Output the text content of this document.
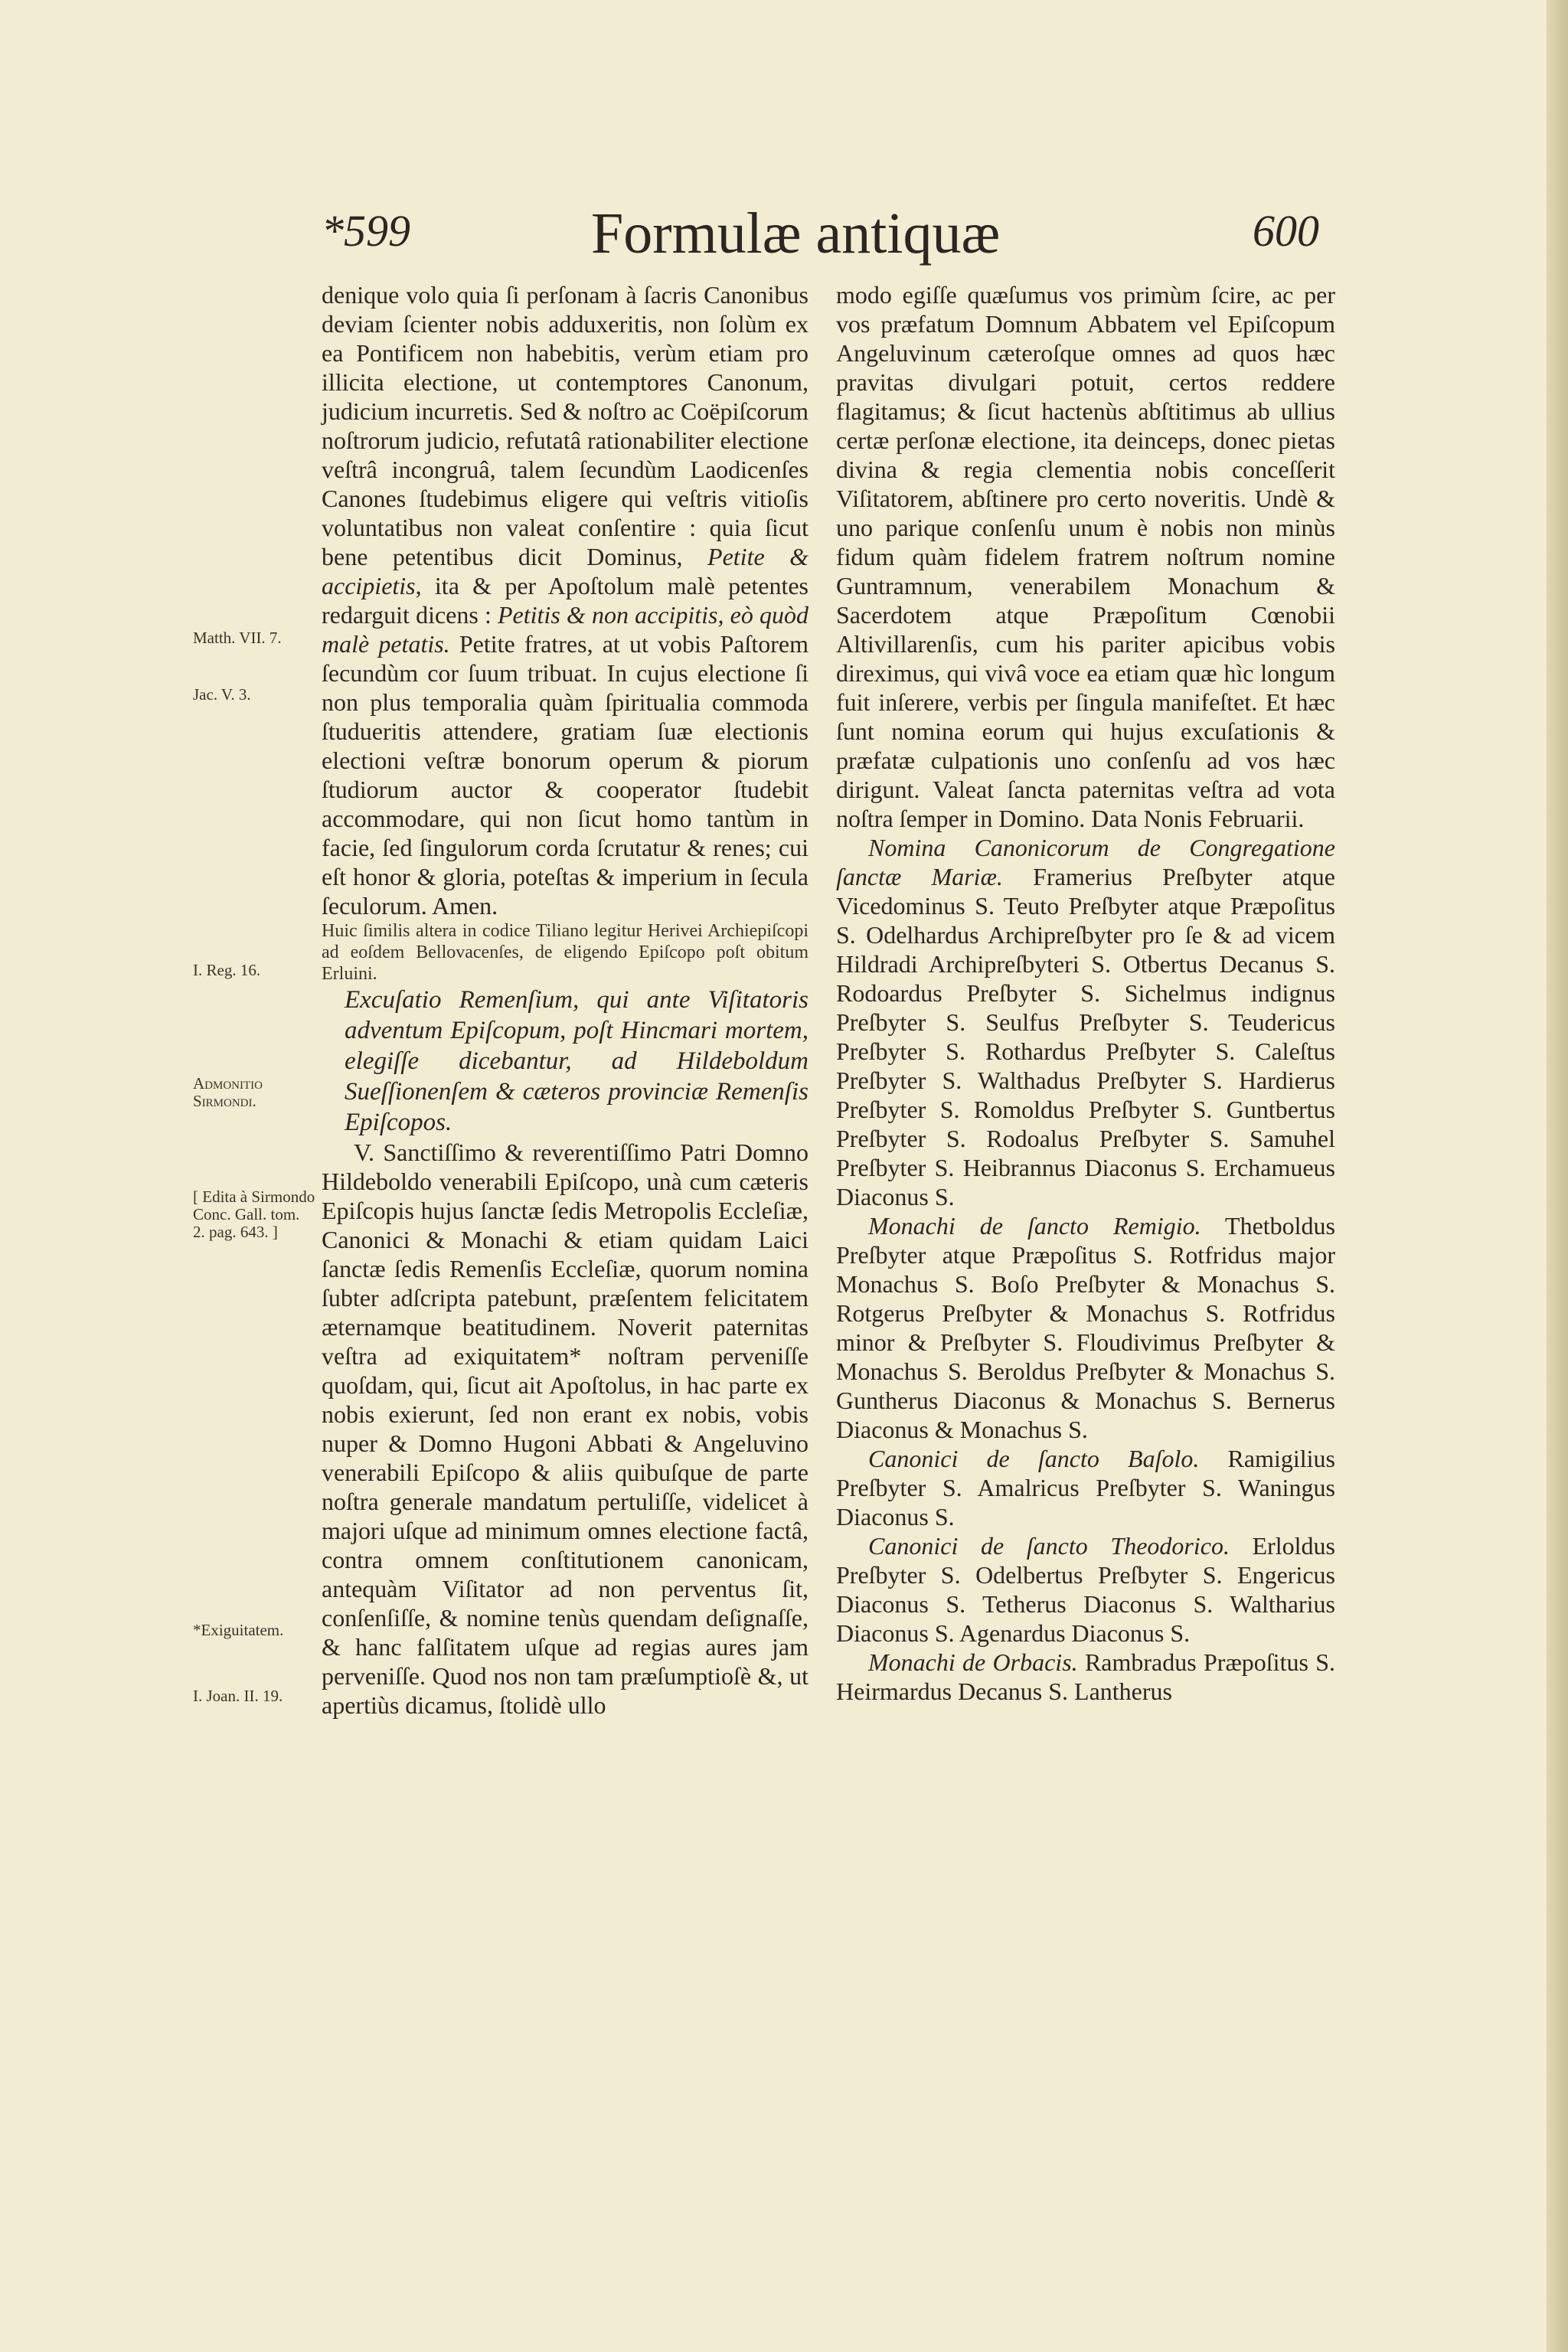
*599	Formulæ antiquæ	600
Matth. VII. 7.
Jac. V. 3.
I. Reg. 16.
Admonitio Sirmondi.
[ Edita à Sirmondo Conc. Gall. tom. 2. pag. 643. ]
*Exiguitatem.
I. Joan. II. 19.

denique volo quia ſi perſonam à ſacris Canonibus deviam ſcienter nobis adduxeritis, non ſolùm ex ea Pontificem non habebitis, verùm etiam pro illicita electione, ut contemptores Canonum, judicium incurretis. Sed & noſtro ac Coëpiſcorum noſtrorum judicio, refutatâ rationabiliter electione veſtrâ incongruâ, talem ſecundùm Laodicenſes Canones ſtudebimus eligere qui veſtris vitioſis voluntatibus non valeat conſentire : quia ſicut bene petentibus dicit Dominus, Petite & accipietis, ita & per Apoſtolum malè petentes redarguit dicens : Petitis & non accipitis, eò quòd malè petatis. Petite fratres, at ut vobis Paſtorem ſecundùm cor ſuum tribuat. In cujus electione ſi non plus temporalia quàm ſpiritualia commoda ſtudueritis attendere, gratiam ſuæ electionis electioni veſtræ bonorum operum & piorum ſtudiorum auctor & cooperator ſtudebit accommodare, qui non ſicut homo tantùm in facie, ſed ſingulorum corda ſcrutatur & renes; cui eſt honor & gloria, poteſtas & imperium in ſecula ſeculorum. Amen.

Huic ſimilis altera in codice Tiliano legitur Herivei Archiepiſcopi ad eoſdem Bellovacenſes, de eligendo Epiſcopo poſt obitum Erluini.

Excuſatio Remenſium, qui ante Viſitatoris adventum Epiſcopum, poſt Hincmari mortem, elegiſſe dicebantur, ad Hildeboldum Sueſſionenſem & cæteros provinciæ Remenſis Epiſcopos.

V. Sanctiſſimo & reverentiſſimo Patri Domno Hildeboldo venerabili Epiſcopo, unà cum cæteris Epiſcopis hujus ſanctæ ſedis Metropolis Eccleſiæ, Canonici & Monachi & etiam quidam Laici ſanctæ ſedis Remenſis Eccleſiæ, quorum nomina ſubter adſcripta patebunt, præſentem felicitatem æternamque beatitudinem. Noverit paternitas veſtra ad exiquitatem* noſtram perveniſſe quoſdam, qui, ſicut ait Apoſtolus, in hac parte ex nobis exierunt, ſed non erant ex nobis, vobis nuper & Domno Hugoni Abbati & Angeluvino venerabili Epiſcopo & aliis quibuſque de parte noſtra generale mandatum pertuliſſe, videlicet à majori uſque ad minimum omnes electione factâ, contra omnem conſtitutionem canonicam, antequàm Viſitator ad non perventus ſit, conſenſiſſe, & nomine tenùs quendam deſignaſſe, & hanc falſitatem uſque ad regias aures jam perveniſſe. Quod nos non tam præſumptioſè &, ut apertiùs dicamus, ſtolidè ullo

modo egiſſe quæſumus vos primùm ſcire, ac per vos præfatum Domnum Abbatem vel Epiſcopum Angeluvinum cæteroſque omnes ad quos hæc pravitas divulgari potuit, certos reddere flagitamus; & ſicut hactenùs abſtitimus ab ullius certæ perſonæ electione, ita deinceps, donec pietas divina & regia clementia nobis conceſſerit Viſitatorem, abſtinere pro certo noveritis. Undè & uno parique conſenſu unum è nobis non minùs fidum quàm fidelem fratrem noſtrum nomine Guntramnum, venerabilem Monachum & Sacerdotem atque Præpoſitum Cœnobii Altivillarenſis, cum his pariter apicibus vobis direximus, qui vivâ voce ea etiam quæ hìc longum fuit inſerere, verbis per ſingula manifeſtet. Et hæc ſunt nomina eorum qui hujus excuſationis & præfatæ culpationis uno conſenſu ad vos hæc dirigunt. Valeat ſancta paternitas veſtra ad vota noſtra ſemper in Domino. Data Nonis Februarii.

Nomina Canonicorum de Congregatione ſanctæ Mariæ. Framerius Preſbyter atque Vicedominus S. Teuto Preſbyter atque Præpoſitus S. Odelhardus Archipreſbyter pro ſe & ad vicem Hildradi Archipreſbyteri S. Otbertus Decanus S. Rodoardus Preſbyter S. Sichelmus indignus Preſbyter S. Seulfus Preſbyter S. Teudericus Preſbyter S. Rothardus Preſbyter S. Caleſtus Preſbyter S. Walthadus Preſbyter S. Hardierus Preſbyter S. Romoldus Preſbyter S. Guntbertus Preſbyter S. Rodoalus Preſbyter S. Samuhel Preſbyter S. Heibrannus Diaconus S. Erchamueus Diaconus S.

Monachi de ſancto Remigio. Thetboldus Preſbyter atque Præpoſitus S. Rotfridus major Monachus S. Boſo Preſbyter & Monachus S. Rotgerus Preſbyter & Monachus S. Rotfridus minor & Preſbyter S. Floudivimus Preſbyter & Monachus S. Beroldus Preſbyter & Monachus S. Guntherus Diaconus & Monachus S. Bernerus Diaconus & Monachus S.

Canonici de ſancto Baſolo. Ramigilius Preſbyter S. Amalricus Preſbyter S. Waningus Diaconus S.

Canonici de ſancto Theodorico. Erloldus Preſbyter S. Odelbertus Preſbyter S. Engericus Diaconus S. Tetherus Diaconus S. Waltharius Diaconus S. Agenardus Diaconus S.

Monachi de Orbacis. Rambradus Præpoſitus S. Heirmardus Decanus S. Lantherus
